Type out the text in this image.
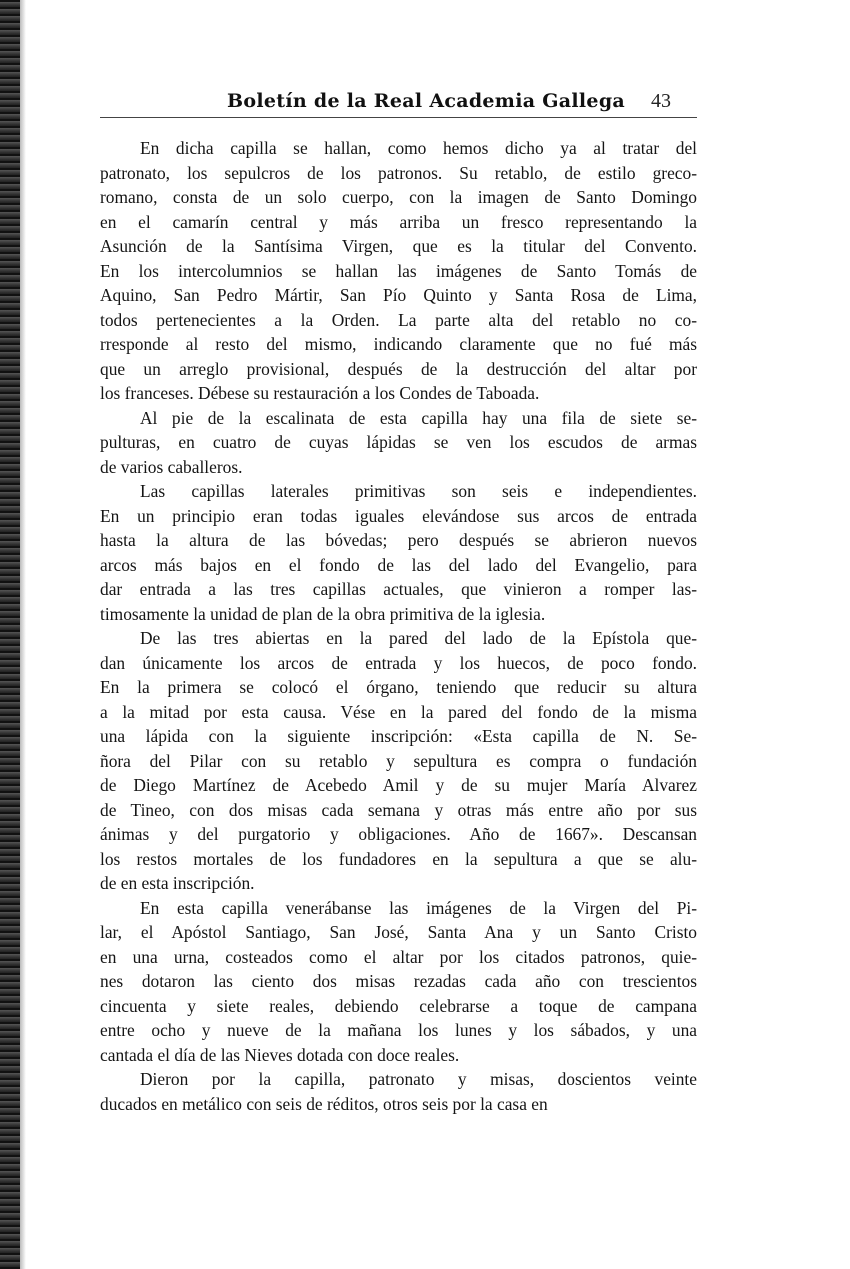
Boletín de la Real Academia Gallega 43
En dicha capilla se hallan, como hemos dicho ya al tratar del
patronato, los sepulcros de los patronos. Su retablo, de estilo greco-
romano, consta de un solo cuerpo, con la imagen de Santo Domingo
en el camarín central y más arriba un fresco representando la
Asunción de la Santísima Virgen, que es la titular del Convento.
En los intercolumnios se hallan las imágenes de Santo Tomás de
Aquino, San Pedro Mártir, San Pío Quinto y Santa Rosa de Lima,
todos pertenecientes a la Orden. La parte alta del retablo no co-
rresponde al resto del mismo, indicando claramente que no fué más
que un arreglo provisional, después de la destrucción del altar por
los franceses. Débese su restauración a los Condes de Taboada.
Al pie de la escalinata de esta capilla hay una fila de siete se-
pulturas, en cuatro de cuyas lápidas se ven los escudos de armas
de varios caballeros.
Las capillas laterales primitivas son seis e independientes.
En un principio eran todas iguales elevándose sus arcos de entrada
hasta la altura de las bóvedas; pero después se abrieron nuevos
arcos más bajos en el fondo de las del lado del Evangelio, para
dar entrada a las tres capillas actuales, que vinieron a romper las-
timosamente la unidad de plan de la obra primitiva de la iglesia.
De las tres abiertas en la pared del lado de la Epístola que-
dan únicamente los arcos de entrada y los huecos, de poco fondo.
En la primera se colocó el órgano, teniendo que reducir su altura
a la mitad por esta causa. Vése en la pared del fondo de la misma
una lápida con la siguiente inscripción: «Esta capilla de N. Se-
ñora del Pilar con su retablo y sepultura es compra o fundación
de Diego Martínez de Acebedo Amil y de su mujer María Alvarez
de Tineo, con dos misas cada semana y otras más entre año por sus
ánimas y del purgatorio y obligaciones. Año de 1667». Descansan
los restos mortales de los fundadores en la sepultura a que se alu-
de en esta inscripción.
En esta capilla venerábanse las imágenes de la Virgen del Pi-
lar, el Apóstol Santiago, San José, Santa Ana y un Santo Cristo
en una urna, costeados como el altar por los citados patronos, quie-
nes dotaron las ciento dos misas rezadas cada año con trescientos
cincuenta y siete reales, debiendo celebrarse a toque de campana
entre ocho y nueve de la mañana los lunes y los sábados, y una
cantada el día de las Nieves dotada con doce reales.
Dieron por la capilla, patronato y misas, doscientos veinte
ducados en metálico con seis de réditos, otros seis por la casa en
